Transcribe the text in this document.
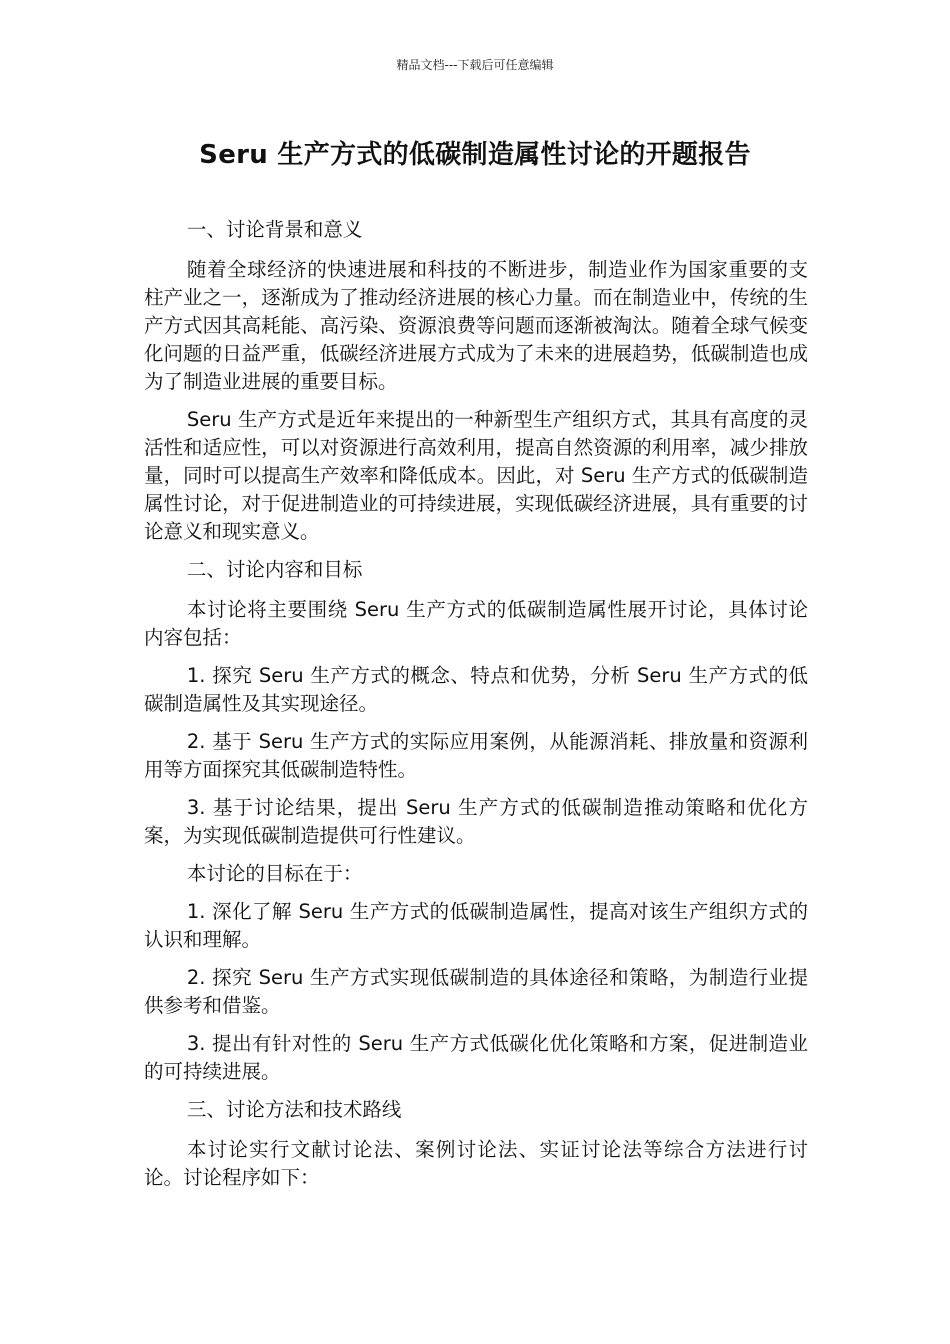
精品文档---下载后可任意编辑
Seru 生产方式的低碳制造属性讨论的开题报告

一、讨论背景和意义

随着全球经济的快速进展和科技的不断进步，制造业作为国家重要的支柱产业之一，逐渐成为了推动经济进展的核心力量。而在制造业中，传统的生产方式因其高耗能、高污染、资源浪费等问题而逐渐被淘汰。随着全球气候变化问题的日益严重，低碳经济进展方式成为了未来的进展趋势，低碳制造也成为了制造业进展的重要目标。

Seru 生产方式是近年来提出的一种新型生产组织方式，其具有高度的灵活性和适应性，可以对资源进行高效利用，提高自然资源的利用率，减少排放量，同时可以提高生产效率和降低成本。因此，对 Seru 生产方式的低碳制造属性讨论，对于促进制造业的可持续进展，实现低碳经济进展，具有重要的讨论意义和现实意义。

二、讨论内容和目标

本讨论将主要围绕 Seru 生产方式的低碳制造属性展开讨论，具体讨论内容包括：

1. 探究 Seru 生产方式的概念、特点和优势，分析 Seru 生产方式的低碳制造属性及其实现途径。

2. 基于 Seru 生产方式的实际应用案例，从能源消耗、排放量和资源利用等方面探究其低碳制造特性。

3. 基于讨论结果，提出 Seru 生产方式的低碳制造推动策略和优化方案，为实现低碳制造提供可行性建议。

本讨论的目标在于：

1. 深化了解 Seru 生产方式的低碳制造属性，提高对该生产组织方式的认识和理解。

2. 探究 Seru 生产方式实现低碳制造的具体途径和策略，为制造行业提供参考和借鉴。

3. 提出有针对性的 Seru 生产方式低碳化优化策略和方案，促进制造业的可持续进展。

三、讨论方法和技术路线

本讨论实行文献讨论法、案例讨论法、实证讨论法等综合方法进行讨论。讨论程序如下：
